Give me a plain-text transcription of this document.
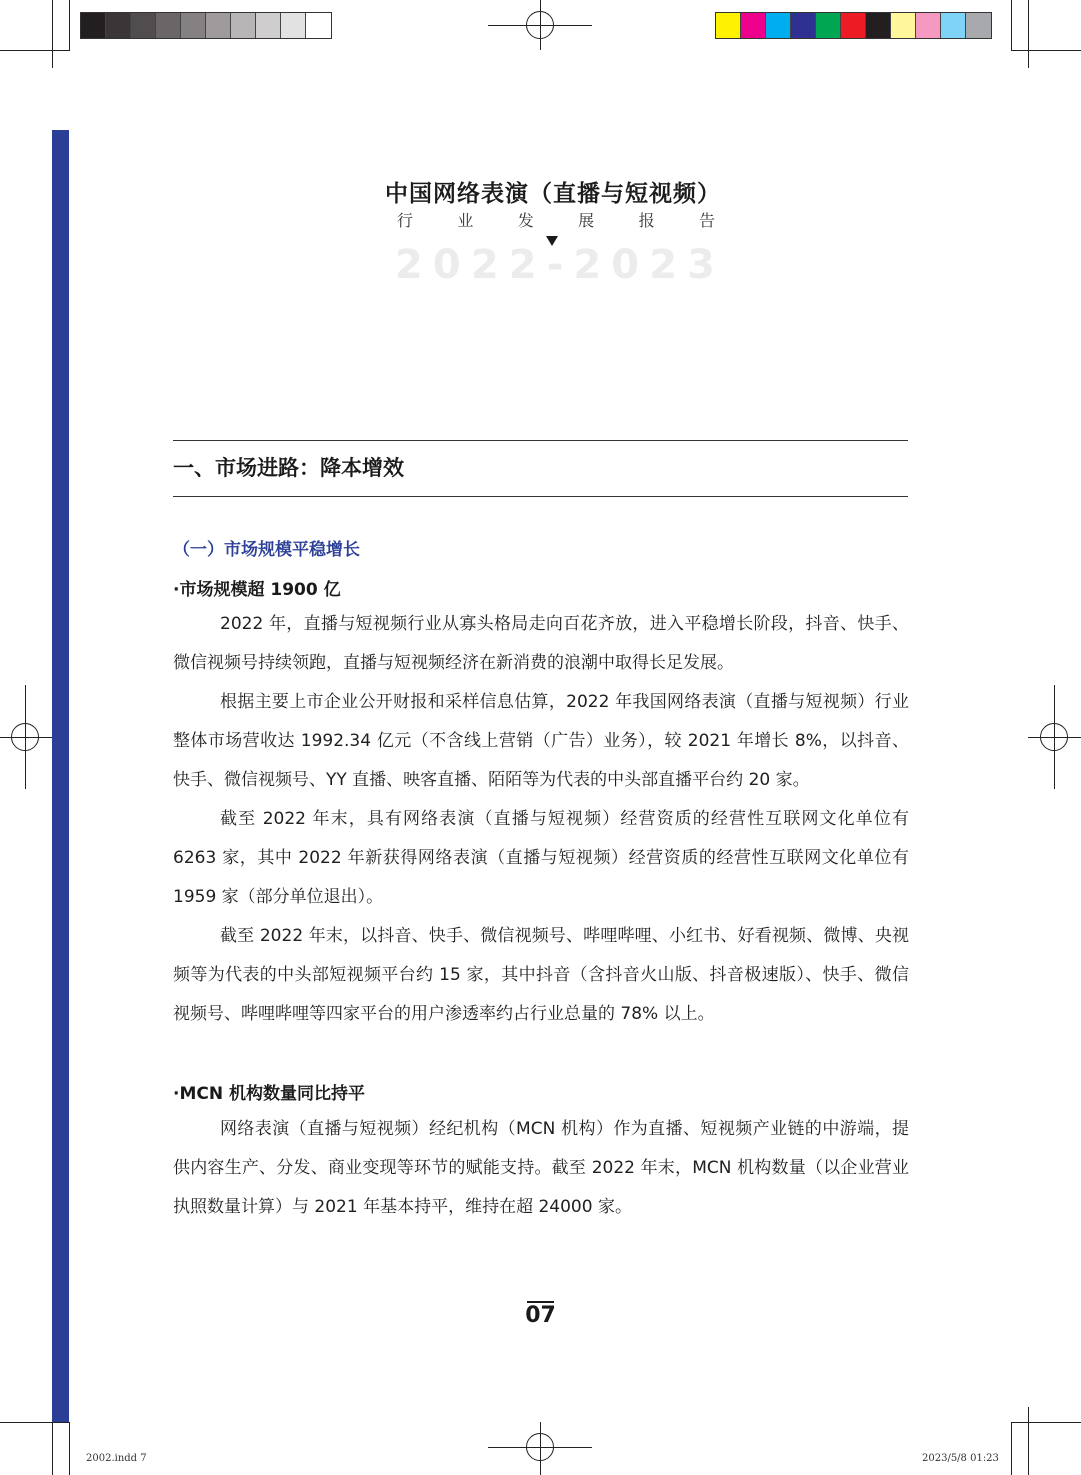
中国网络表演（直播与短视频）
行	业	发	展	报	告
2 0 2 2 - 2 0 2 3
一、市场进路：降本增效
（一）市场规模平稳增长
·市场规模超 1900 亿

2022 年，直播与短视频行业从寡头格局走向百花齐放，进入平稳增长阶段，抖音、快手、微信视频号持续领跑，直播与短视频经济在新消费的浪潮中取得长足发展。

根据主要上市企业公开财报和采样信息估算，2022 年我国网络表演（直播与短视频）行业整体市场营收达 1992.34 亿元（不含线上营销（广告）业务），较 2021 年增长 8%，以抖音、快手、微信视频号、YY 直播、映客直播、陌陌等为代表的中头部直播平台约 20 家。

截至 2022 年末，具有网络表演（直播与短视频）经营资质的经营性互联网文化单位有 6263 家，其中 2022 年新获得网络表演（直播与短视频）经营资质的经营性互联网文化单位有 1959 家（部分单位退出）。

截至 2022 年末，以抖音、快手、微信视频号、哔哩哔哩、小红书、好看视频、微博、央视频等为代表的中头部短视频平台约 15 家，其中抖音（含抖音火山版、抖音极速版）、快手、微信视频号、哔哩哔哩等四家平台的用户渗透率约占行业总量的 78% 以上。

·MCN 机构数量同比持平

网络表演（直播与短视频）经纪机构（MCN 机构）作为直播、短视频产业链的中游端，提供内容生产、分发、商业变现等环节的赋能支持。截至 2022 年末，MCN 机构数量（以企业营业执照数量计算）与 2021 年基本持平，维持在超 24000 家。

07
2002.indd 7	2023/5/8 01:23
